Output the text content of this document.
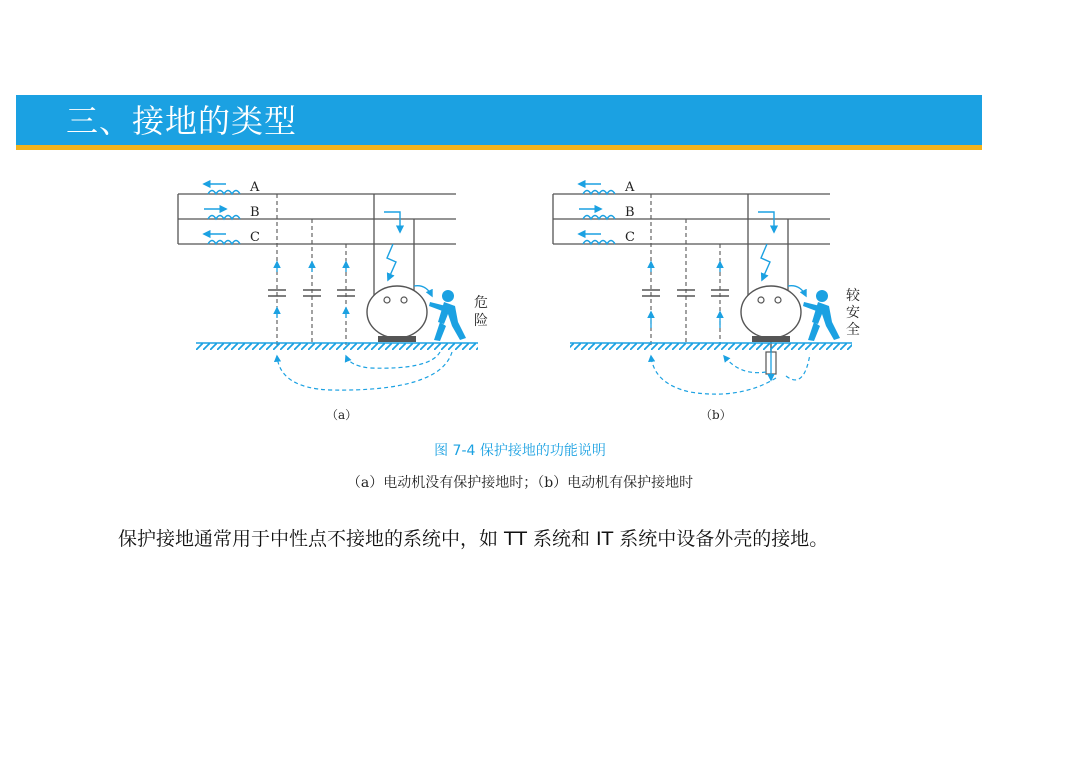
三、接地的类型
A
B
C
危
险
（a）
A
B
C
较
安
全
（b）
图 7-4 保护接地的功能说明
（a）电动机没有保护接地时；（b）电动机有保护接地时
保护接地通常用于中性点不接地的系统中，如 TT 系统和 IT 系统中设备外壳的接地。
